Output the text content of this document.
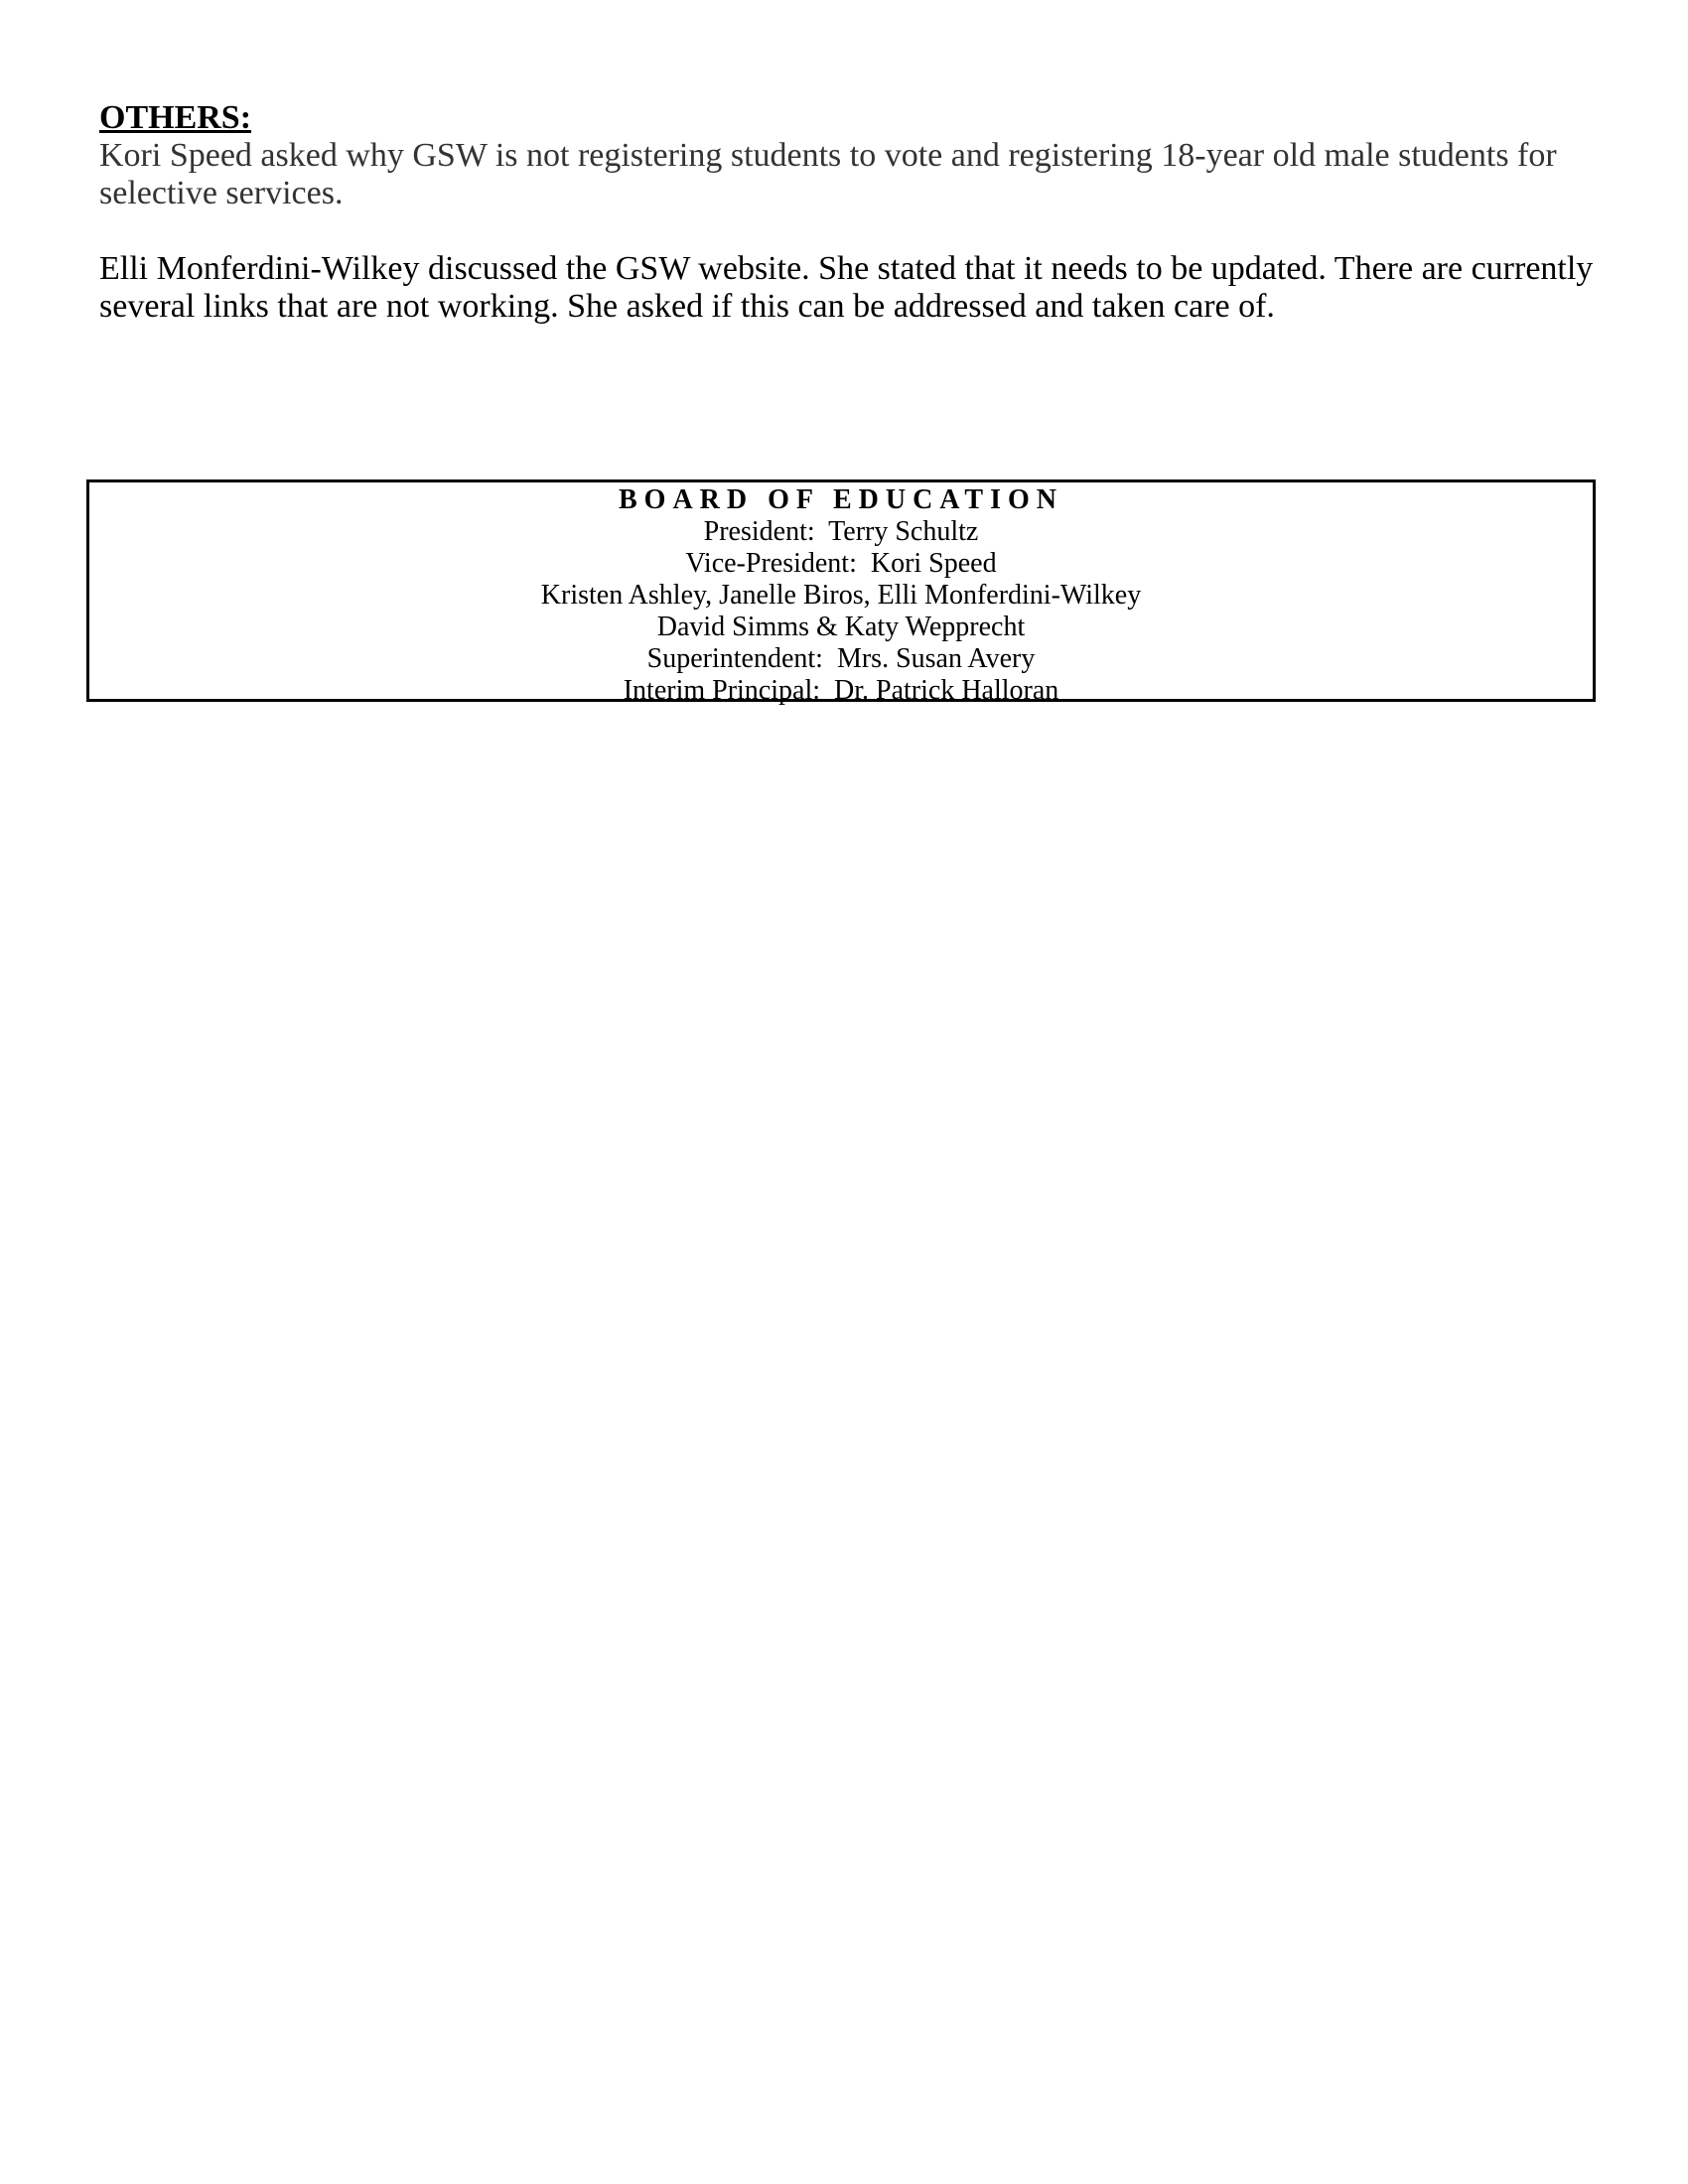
OTHERS:

Kori Speed asked why GSW is not registering students to vote and registering 18-year old male students for selective services.

Elli Monferdini-Wilkey discussed the GSW website. She stated that it needs to be updated. There are currently several links that are not working. She asked if this can be addressed and taken care of.

BOARD OF EDUCATION

President:  Terry Schultz

Vice-President:  Kori Speed

Kristen Ashley, Janelle Biros, Elli Monferdini-Wilkey

David Simms & Katy Wepprecht

Superintendent:  Mrs. Susan Avery

Interim Principal:  Dr. Patrick Halloran
